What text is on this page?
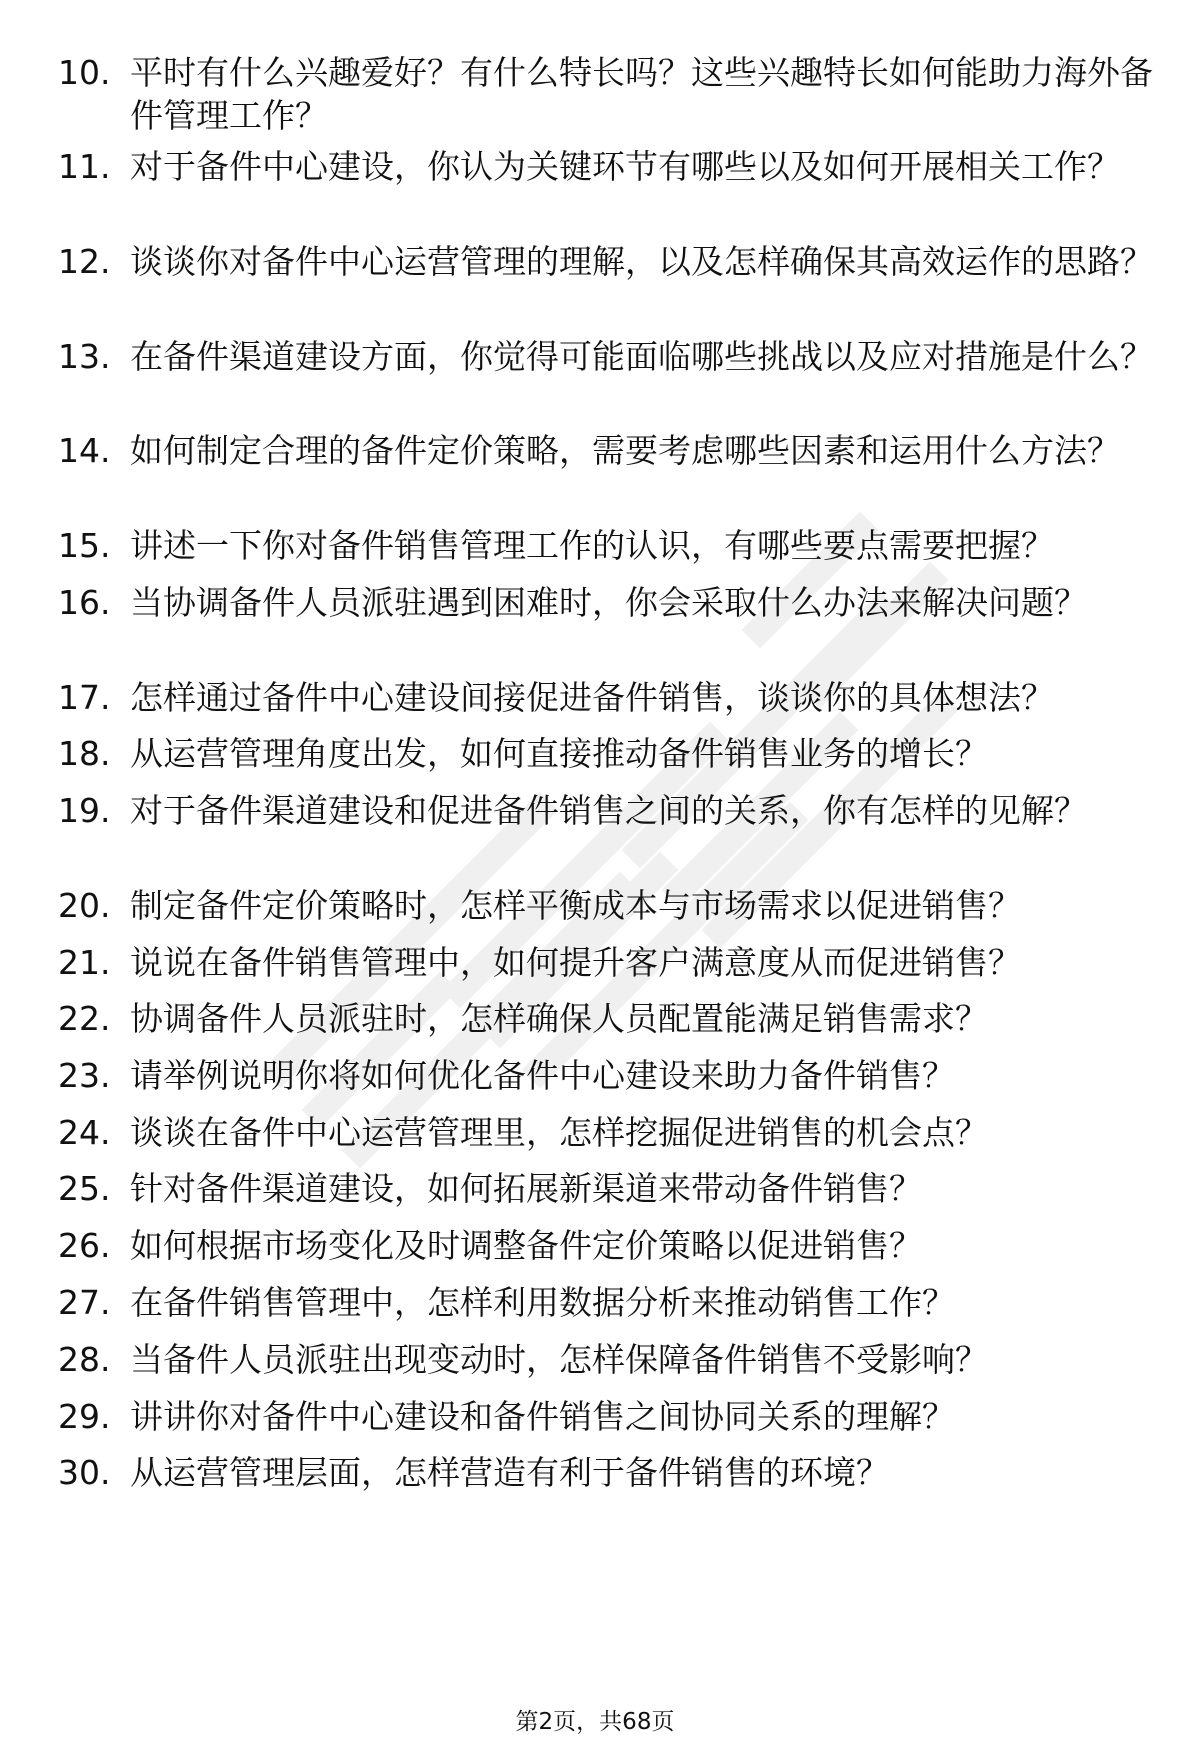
10. 平时有什么兴趣爱好？有什么特长吗？这些兴趣特长如何能助力海外备件管理工作？
11. 对于备件中心建设，你认为关键环节有哪些以及如何开展相关工作？
12. 谈谈你对备件中心运营管理的理解，以及怎样确保其高效运作的思路？
13. 在备件渠道建设方面，你觉得可能面临哪些挑战以及应对措施是什么？
14. 如何制定合理的备件定价策略，需要考虑哪些因素和运用什么方法？
15. 讲述一下你对备件销售管理工作的认识，有哪些要点需要把握？
16. 当协调备件人员派驻遇到困难时，你会采取什么办法来解决问题？
17. 怎样通过备件中心建设间接促进备件销售，谈谈你的具体想法？
18. 从运营管理角度出发，如何直接推动备件销售业务的增长？
19. 对于备件渠道建设和促进备件销售之间的关系，你有怎样的见解？
20. 制定备件定价策略时，怎样平衡成本与市场需求以促进销售？
21. 说说在备件销售管理中，如何提升客户满意度从而促进销售？
22. 协调备件人员派驻时，怎样确保人员配置能满足销售需求？
23. 请举例说明你将如何优化备件中心建设来助力备件销售？
24. 谈谈在备件中心运营管理里，怎样挖掘促进销售的机会点？
25. 针对备件渠道建设，如何拓展新渠道来带动备件销售？
26. 如何根据市场变化及时调整备件定价策略以促进销售？
27. 在备件销售管理中，怎样利用数据分析来推动销售工作？
28. 当备件人员派驻出现变动时，怎样保障备件销售不受影响？
29. 讲讲你对备件中心建设和备件销售之间协同关系的理解？
30. 从运营管理层面，怎样营造有利于备件销售的环境？
第2页，共68页
